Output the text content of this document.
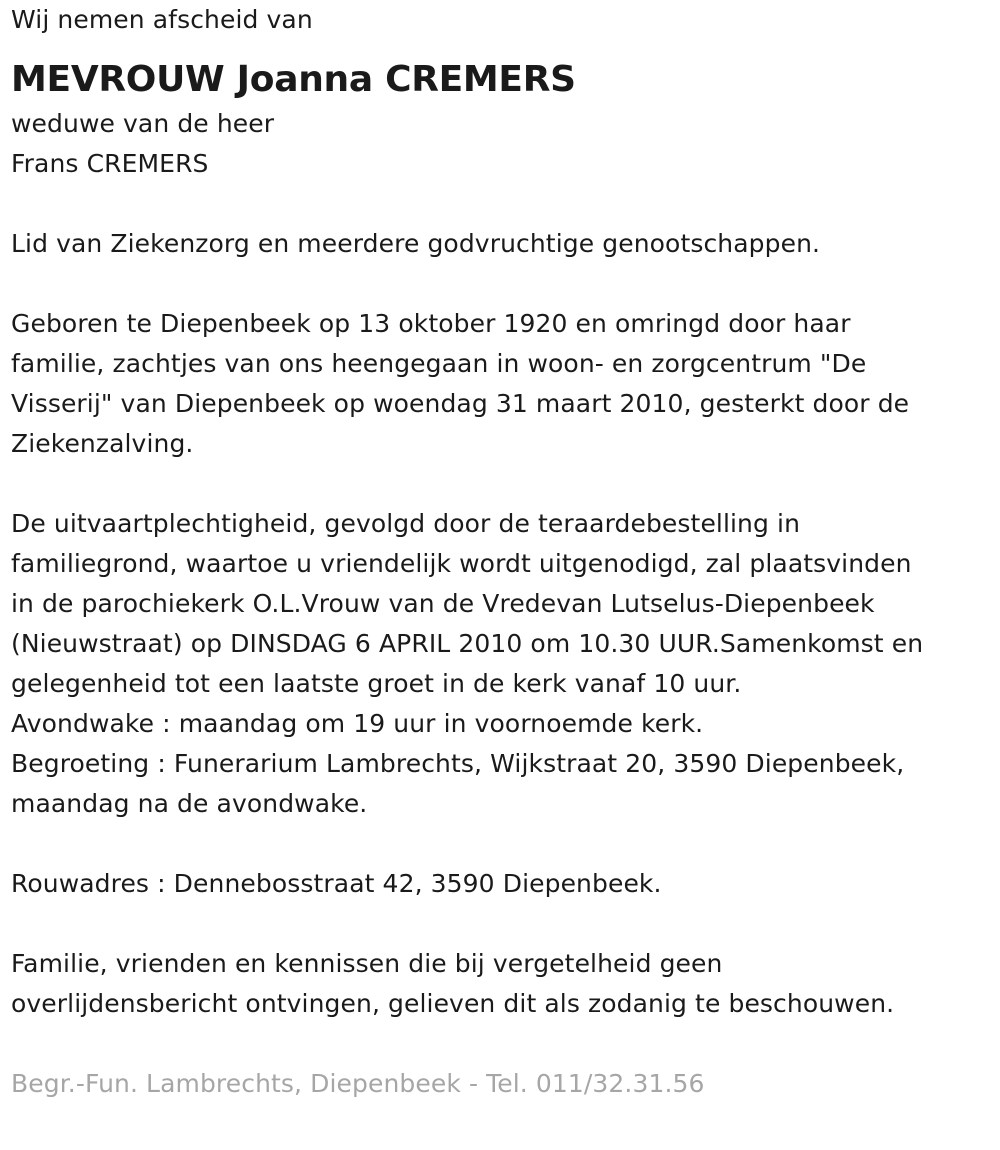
Wij nemen afscheid van
MEVROUW Joanna CREMERS
weduwe van de heer
Frans CREMERS
Lid van Ziekenzorg en meerdere godvruchtige genootschappen.
Geboren te Diepenbeek op 13 oktober 1920 en omringd door haar
familie, zachtjes van ons heengegaan in woon- en zorgcentrum "De
Visserij" van Diepenbeek op woendag 31 maart 2010, gesterkt door de
Ziekenzalving.
De uitvaartplechtigheid, gevolgd door de teraardebestelling in
familiegrond, waartoe u vriendelijk wordt uitgenodigd, zal plaatsvinden
in de parochiekerk O.L.Vrouw van de Vredevan Lutselus-Diepenbeek
(Nieuwstraat) op DINSDAG 6 APRIL 2010 om 10.30 UUR.Samenkomst en
gelegenheid tot een laatste groet in de kerk vanaf 10 uur.
Avondwake : maandag om 19 uur in voornoemde kerk.
Begroeting : Funerarium Lambrechts, Wijkstraat 20, 3590 Diepenbeek,
maandag na de avondwake.
Rouwadres : Dennebosstraat 42, 3590 Diepenbeek.
Familie, vrienden en kennissen die bij vergetelheid geen
overlijdensbericht ontvingen, gelieven dit als zodanig te beschouwen.
Begr.-Fun. Lambrechts, Diepenbeek - Tel. 011/32.31.56
